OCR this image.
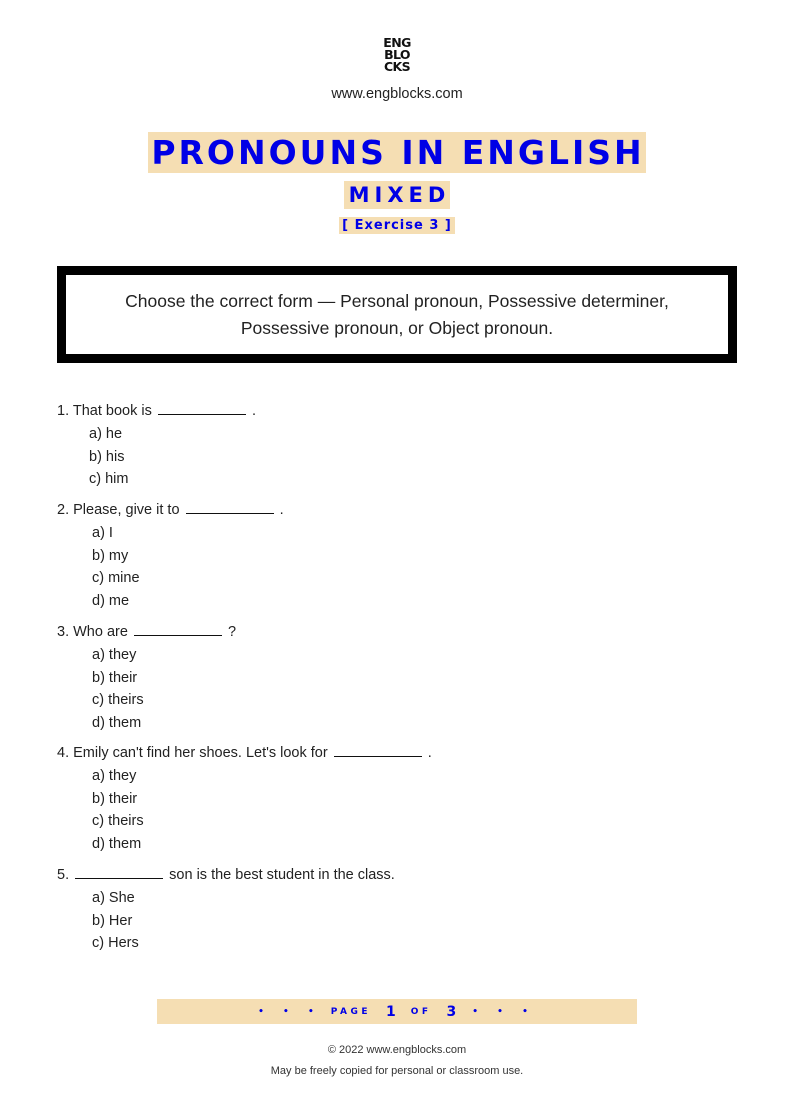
ENG
BLO
CKS
www.engblocks.com
PRONOUNS IN ENGLISH
MIXED
[ Exercise 3 ]
Choose the correct form — Personal pronoun, Possessive determiner,
Possessive pronoun, or Object pronoun.
1. That book is	.
a) he
b) his
c) him
2. Please, give it to	.
a) I
b) my
c) mine
d) me
3. Who are	?
a) they
b) their
c) theirs
d) them
4. Emily can't find her shoes. Let's look for	.
a) they
b) their
c) theirs
d) them
5.	son is the best student in the class.
a) She
b) Her
c) Hers
• • • PAGE 1 OF 3 • • •
© 2022 www.engblocks.com
May be freely copied for personal or classroom use.
